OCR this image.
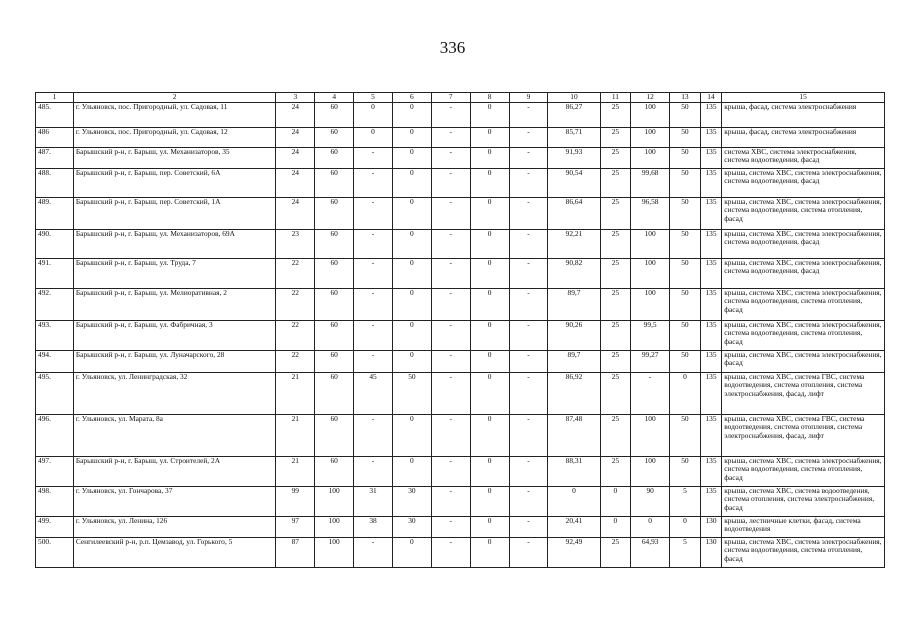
336
1	2	3	4	5	6	7	8	9	10	11	12	13	14	15
485.	г. Ульяновск, пос. Пригородный, ул. Садовая, 11	24	60	0	0	-	0	-	86,27	25	100	50	135	крыша, фасад, система электроснабжения
486	г. Ульяновск, пос. Пригородный, ул. Садовая, 12	24	60	0	0	-	0	-	85,71	25	100	50	135	крыша, фасад, система электроснабжения
487.	Барышский р-н, г. Барыш, ул. Механизаторов, 35	24	60	-	0	-	0	-	91,93	25	100	50	135	система ХВС, система электроснабжения, система водоотведения, фасад
488.	Барышский р-н, г. Барыш, пер. Советский, 6А	24	60	-	0	-	0	-	90,54	25	99,68	50	135	крыша, система ХВС, система электроснабжения, система водоотведения, фасад
489.	Барышский р-н, г. Барыш, пер. Советский, 1А	24	60	-	0	-	0	-	86,64	25	96,58	50	135	крыша, система ХВС, система электроснабжения, система водоотведения, система отопления, фасад
490.	Барышский р-н, г. Барыш, ул. Механизаторов, 69А	23	60	-	0	-	0	-	92,21	25	100	50	135	крыша, система ХВС, система электроснабжения, система водоотведения, фасад
491.	Барышский р-н, г. Барыш, ул. Труда, 7	22	60	-	0	-	0	-	90,82	25	100	50	135	крыша, система ХВС, система электроснабжения, система водоотведения, фасад
492.	Барышский р-н, г. Барыш, ул. Мелиоративная, 2	22	60	-	0	-	0	-	89,7	25	100	50	135	крыша, система ХВС, система электроснабжения, система водоотведения, система отопления, фасад
493.	Барышский р-н, г. Барыш, ул. Фабричная, 3	22	60	-	0	-	0	-	90,26	25	99,5	50	135	крыша, система ХВС, система электроснабжения, система водоотведения, система отопления, фасад
494.	Барышский р-н, г. Барыш, ул. Луначарского, 28	22	60	-	0	-	0	-	89,7	25	99,27	50	135	крыша, система ХВС, система электроснабжения, фасад
495.	г. Ульяновск, ул. Ленинградская, 32	21	60	45	50	-	0	-	86,92	25	-	0	135	крыша, система ХВС, система ГВС, система водоотведения, система отопления, система электроснабжения, фасад, лифт
496.	г. Ульяновск, ул. Марата, 8а	21	60	-	0	-	0	-	87,48	25	100	50	135	крыша, система ХВС, система ГВС, система водоотведения, система отопления, система электроснабжения, фасад, лифт
497.	Барышский р-н, г. Барыш, ул. Строителей, 2А	21	60	-	0	-	0	-	88,31	25	100	50	135	крыша, система ХВС, система электроснабжения, система водоотведения, система отопления, фасад
498.	г. Ульяновск, ул. Гончарова, 37	99	100	31	30	-	0	-	0	0	90	5	135	крыша, система ХВС, система водоотведения, система отопления, система электроснабжения, фасад
499.	г. Ульяновск, ул. Ленина, 126	97	100	38	30	-	0	-	20,41	0	0	0	130	крыша, лестничные клетки, фасад, система водоотведения
500.	Сенгилеевский р-н, р.п. Цемзавод, ул. Горького, 5	87	100	-	0	-	0	-	92,49	25	64,93	5	130	крыша, система ХВС, система электроснабжения, система водоотведения, система отопления, фасад
